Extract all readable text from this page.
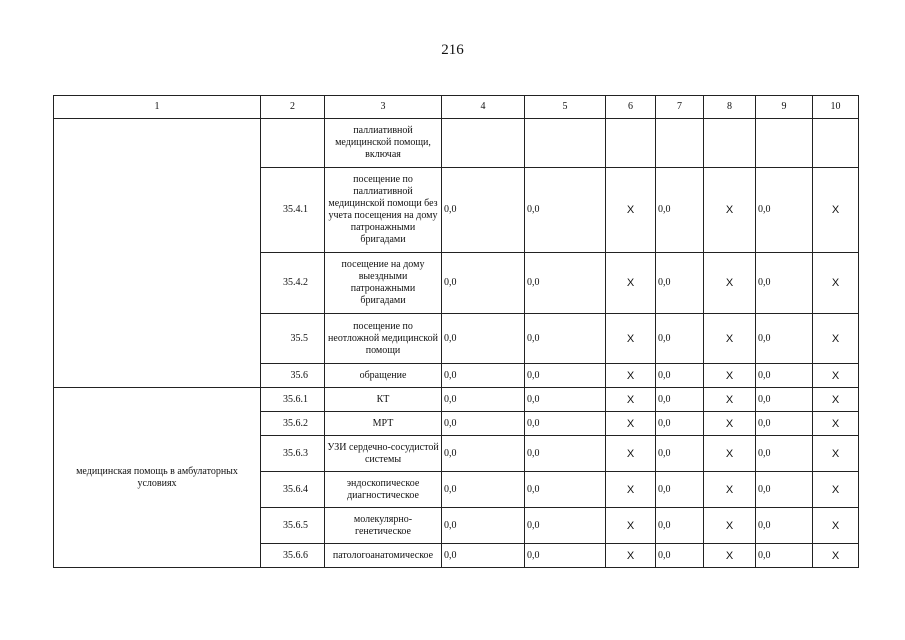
216
1	2	3	4	5	6	7	8	9	10
		паллиативной медицинской помощи, включая							
	35.4.1	посещение по паллиативной медицинской помощи без учета посещения на дому патронажными бригадами	0,0	0,0	X	0,0	X	0,0	X
	35.4.2	посещение на дому выездными патронажными бригадами	0,0	0,0	X	0,0	X	0,0	X
	35.5	посещение по неотложной медицинской помощи	0,0	0,0	X	0,0	X	0,0	X
	35.6	обращение	0,0	0,0	X	0,0	X	0,0	X
медицинская помощь в амбулаторных условиях	35.6.1	КТ	0,0	0,0	X	0,0	X	0,0	X
	35.6.2	МРТ	0,0	0,0	X	0,0	X	0,0	X
	35.6.3	УЗИ сердечно-сосудистой системы	0,0	0,0	X	0,0	X	0,0	X
	35.6.4	эндоскопическое диагностическое	0,0	0,0	X	0,0	X	0,0	X
	35.6.5	молекулярно-генетическое	0,0	0,0	X	0,0	X	0,0	X
	35.6.6	патологоанатомическое	0,0	0,0	X	0,0	X	0,0	X
